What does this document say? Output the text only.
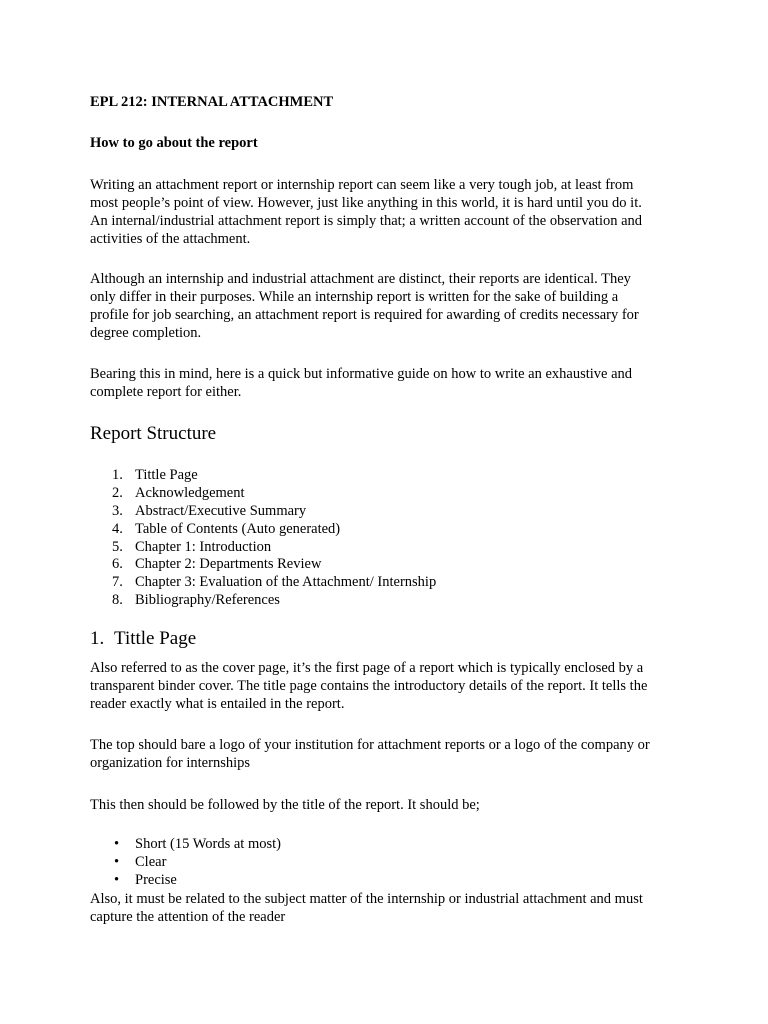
EPL 212: INTERNAL ATTACHMENT

How to go about the report

Writing an attachment report or internship report can seem like a very tough job, at least from
most people’s point of view. However, just like anything in this world, it is hard until you do it.
An internal/industrial attachment report is simply that; a written account of the observation and
activities of the attachment.

Although an internship and industrial attachment are distinct, their reports are identical. They
only differ in their purposes. While an internship report is written for the sake of building a
profile for job searching, an attachment report is required for awarding of credits necessary for
degree completion.

Bearing this in mind, here is a quick but informative guide on how to write an exhaustive and
complete report for either.

Report Structure
1. Tittle Page
2. Acknowledgement
3. Abstract/Executive Summary
4. Table of Contents (Auto generated)
5. Chapter 1: Introduction
6. Chapter 2: Departments Review
7. Chapter 3: Evaluation of the Attachment/ Internship
8. Bibliography/References
1. Tittle Page

Also referred to as the cover page, it’s the first page of a report which is typically enclosed by a
transparent binder cover. The title page contains the introductory details of the report. It tells the
reader exactly what is entailed in the report.

The top should bare a logo of your institution for attachment reports or a logo of the company or
organization for internships

This then should be followed by the title of the report. It should be;

• Short (15 Words at most)
• Clear
• Precise

Also, it must be related to the subject matter of the internship or industrial attachment and must
capture the attention of the reader
